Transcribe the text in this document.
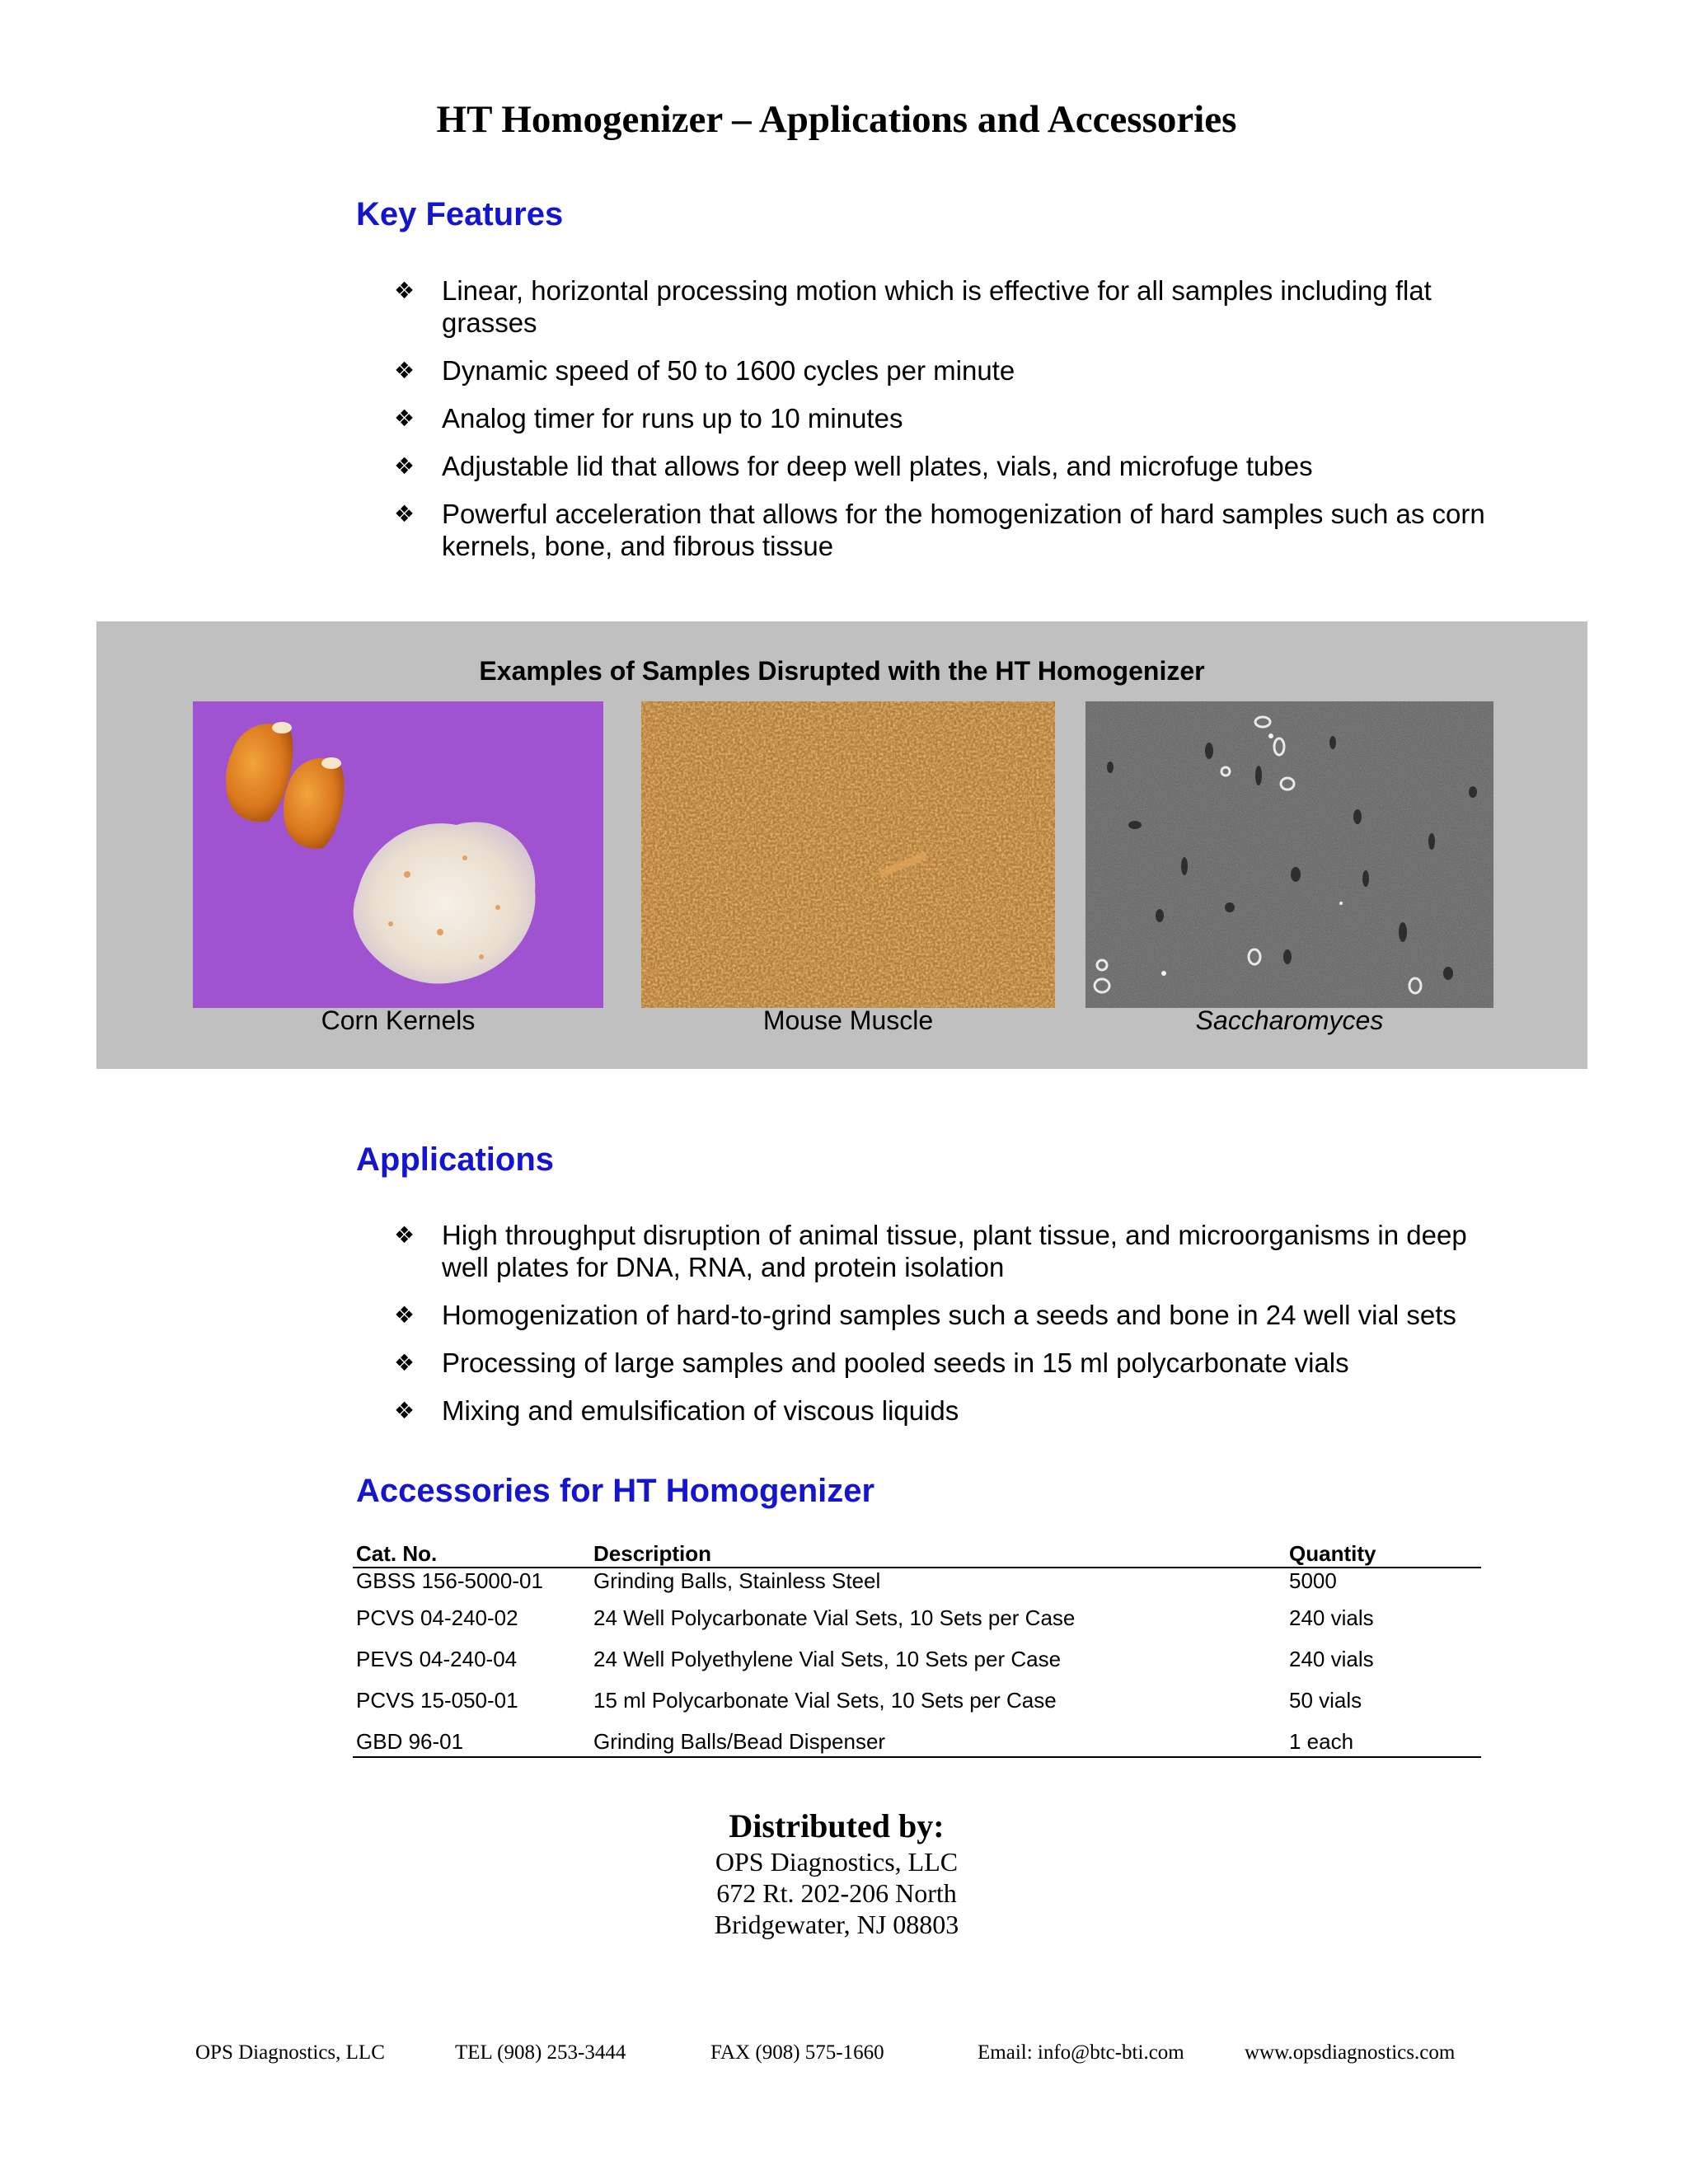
HT Homogenizer – Applications and Accessories
Key Features
❖ Linear, horizontal processing motion which is effective for all samples including flat grasses
❖ Dynamic speed of 50 to 1600 cycles per minute
❖ Analog timer for runs up to 10 minutes
❖ Adjustable lid that allows for deep well plates, vials, and microfuge tubes
❖ Powerful acceleration that allows for the homogenization of hard samples such as corn kernels, bone, and fibrous tissue
Examples of Samples Disrupted with the HT Homogenizer
Corn Kernels	Mouse Muscle	Saccharomyces
Applications
❖ High throughput disruption of animal tissue, plant tissue, and microorganisms in deep well plates for DNA, RNA, and protein isolation
❖ Homogenization of hard-to-grind samples such a seeds and bone in 24 well vial sets
❖ Processing of large samples and pooled seeds in 15 ml polycarbonate vials
❖ Mixing and emulsification of viscous liquids
Accessories for HT Homogenizer
Cat. No.	Description	Quantity
GBSS 156-5000-01	Grinding Balls, Stainless Steel	5000
PCVS 04-240-02	24 Well Polycarbonate Vial Sets, 10 Sets per Case	240 vials
PEVS 04-240-04	24 Well Polyethylene Vial Sets, 10 Sets per Case	240 vials
PCVS 15-050-01	15 ml Polycarbonate Vial Sets, 10 Sets per Case	50 vials
GBD 96-01	Grinding Balls/Bead Dispenser	1 each
Distributed by:
OPS Diagnostics, LLC
672 Rt. 202-206 North
Bridgewater, NJ 08803
OPS Diagnostics, LLC	TEL (908) 253-3444	FAX (908) 575-1660	Email: info@btc-bti.com	www.opsdiagnostics.com
